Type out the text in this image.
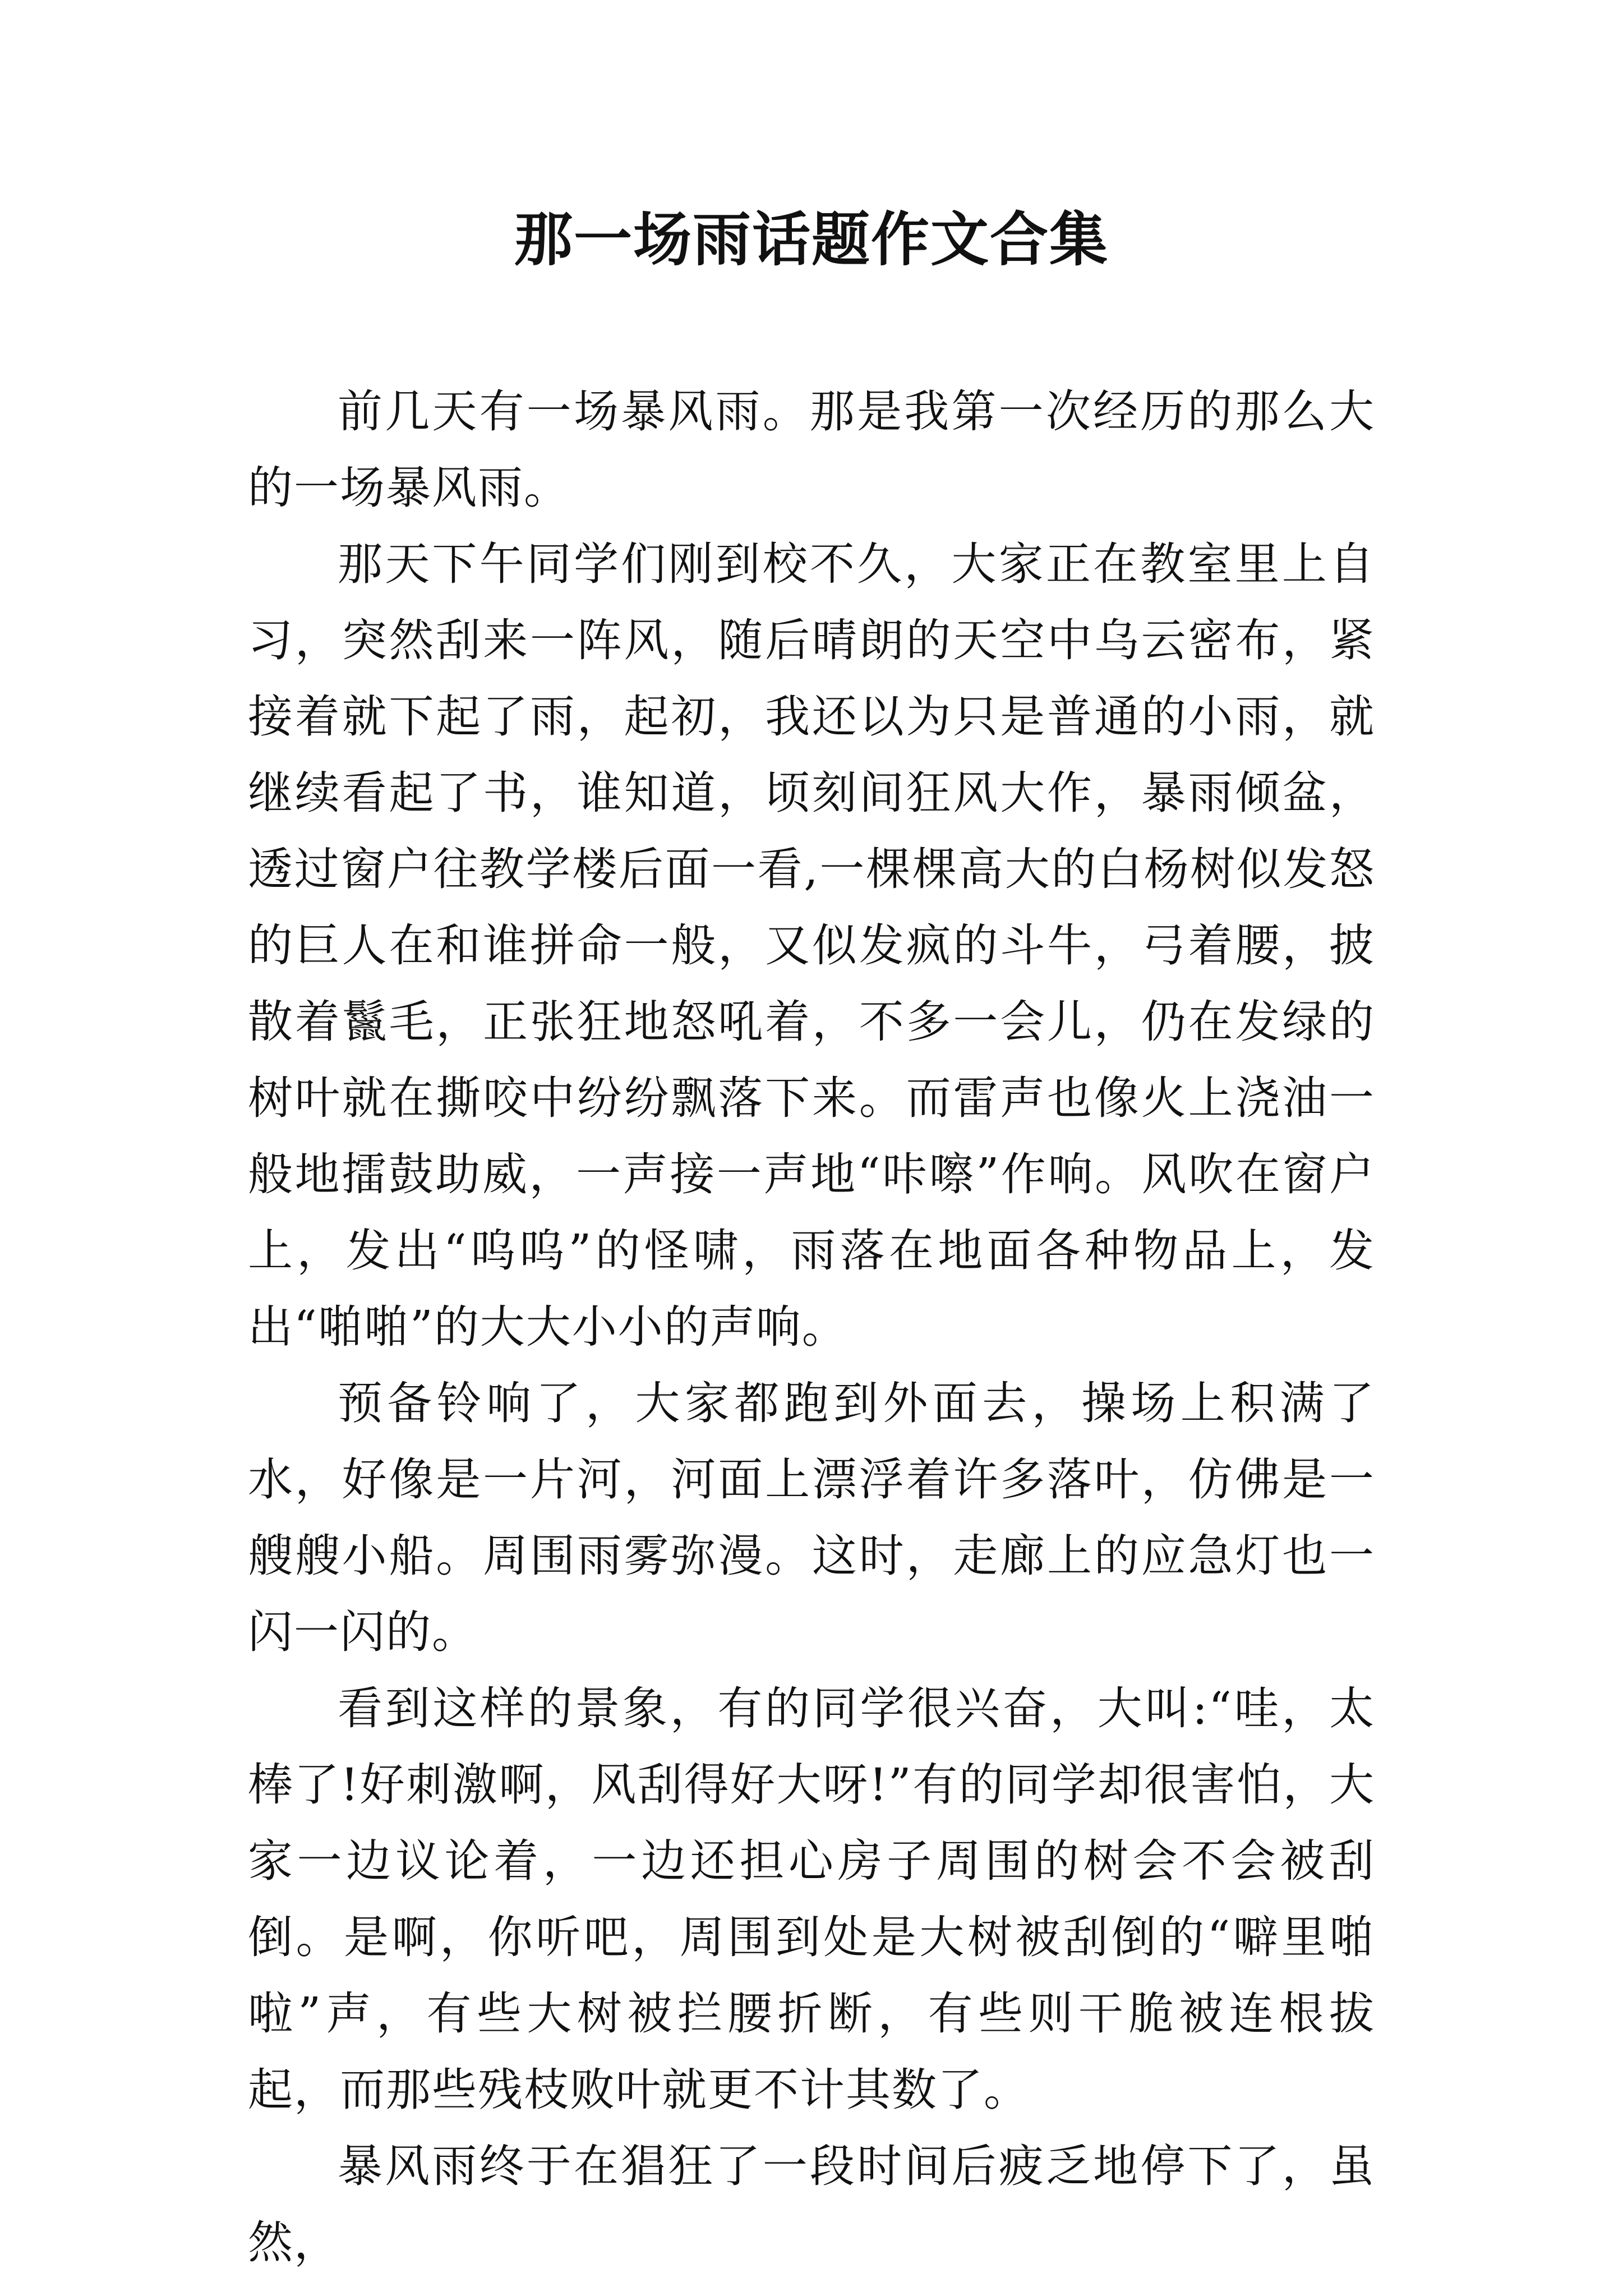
那一场雨话题作文合集

前几天有一场暴风雨。那是我第一次经历的那么大的一场暴风雨。

那天下午同学们刚到校不久，大家正在教室里上自习，突然刮来一阵风，随后晴朗的天空中乌云密布，紧接着就下起了雨，起初，我还以为只是普通的小雨，就继续看起了书，谁知道，顷刻间狂风大作，暴雨倾盆，透过窗户往教学楼后面一看,一棵棵高大的白杨树似发怒的巨人在和谁拼命一般，又似发疯的斗牛，弓着腰，披散着鬣毛，正张狂地怒吼着，不多一会儿，仍在发绿的树叶就在撕咬中纷纷飘落下来。而雷声也像火上浇油一般地擂鼓助威，一声接一声地“咔嚓”作响。风吹在窗户上，发出“呜呜”的怪啸，雨落在地面各种物品上，发出“啪啪”的大大小小的声响。

预备铃响了，大家都跑到外面去，操场上积满了水，好像是一片河，河面上漂浮着许多落叶，仿佛是一艘艘小船。周围雨雾弥漫。这时，走廊上的应急灯也一闪一闪的。

看到这样的景象，有的同学很兴奋，大叫:“哇，太棒了!好刺激啊，风刮得好大呀!”有的同学却很害怕，大家一边议论着，一边还担心房子周围的树会不会被刮倒。是啊，你听吧，周围到处是大树被刮倒的“噼里啪啦”声，有些大树被拦腰折断，有些则干脆被连根拔起，而那些残枝败叶就更不计其数了。

暴风雨终于在猖狂了一段时间后疲乏地停下了，虽然，
